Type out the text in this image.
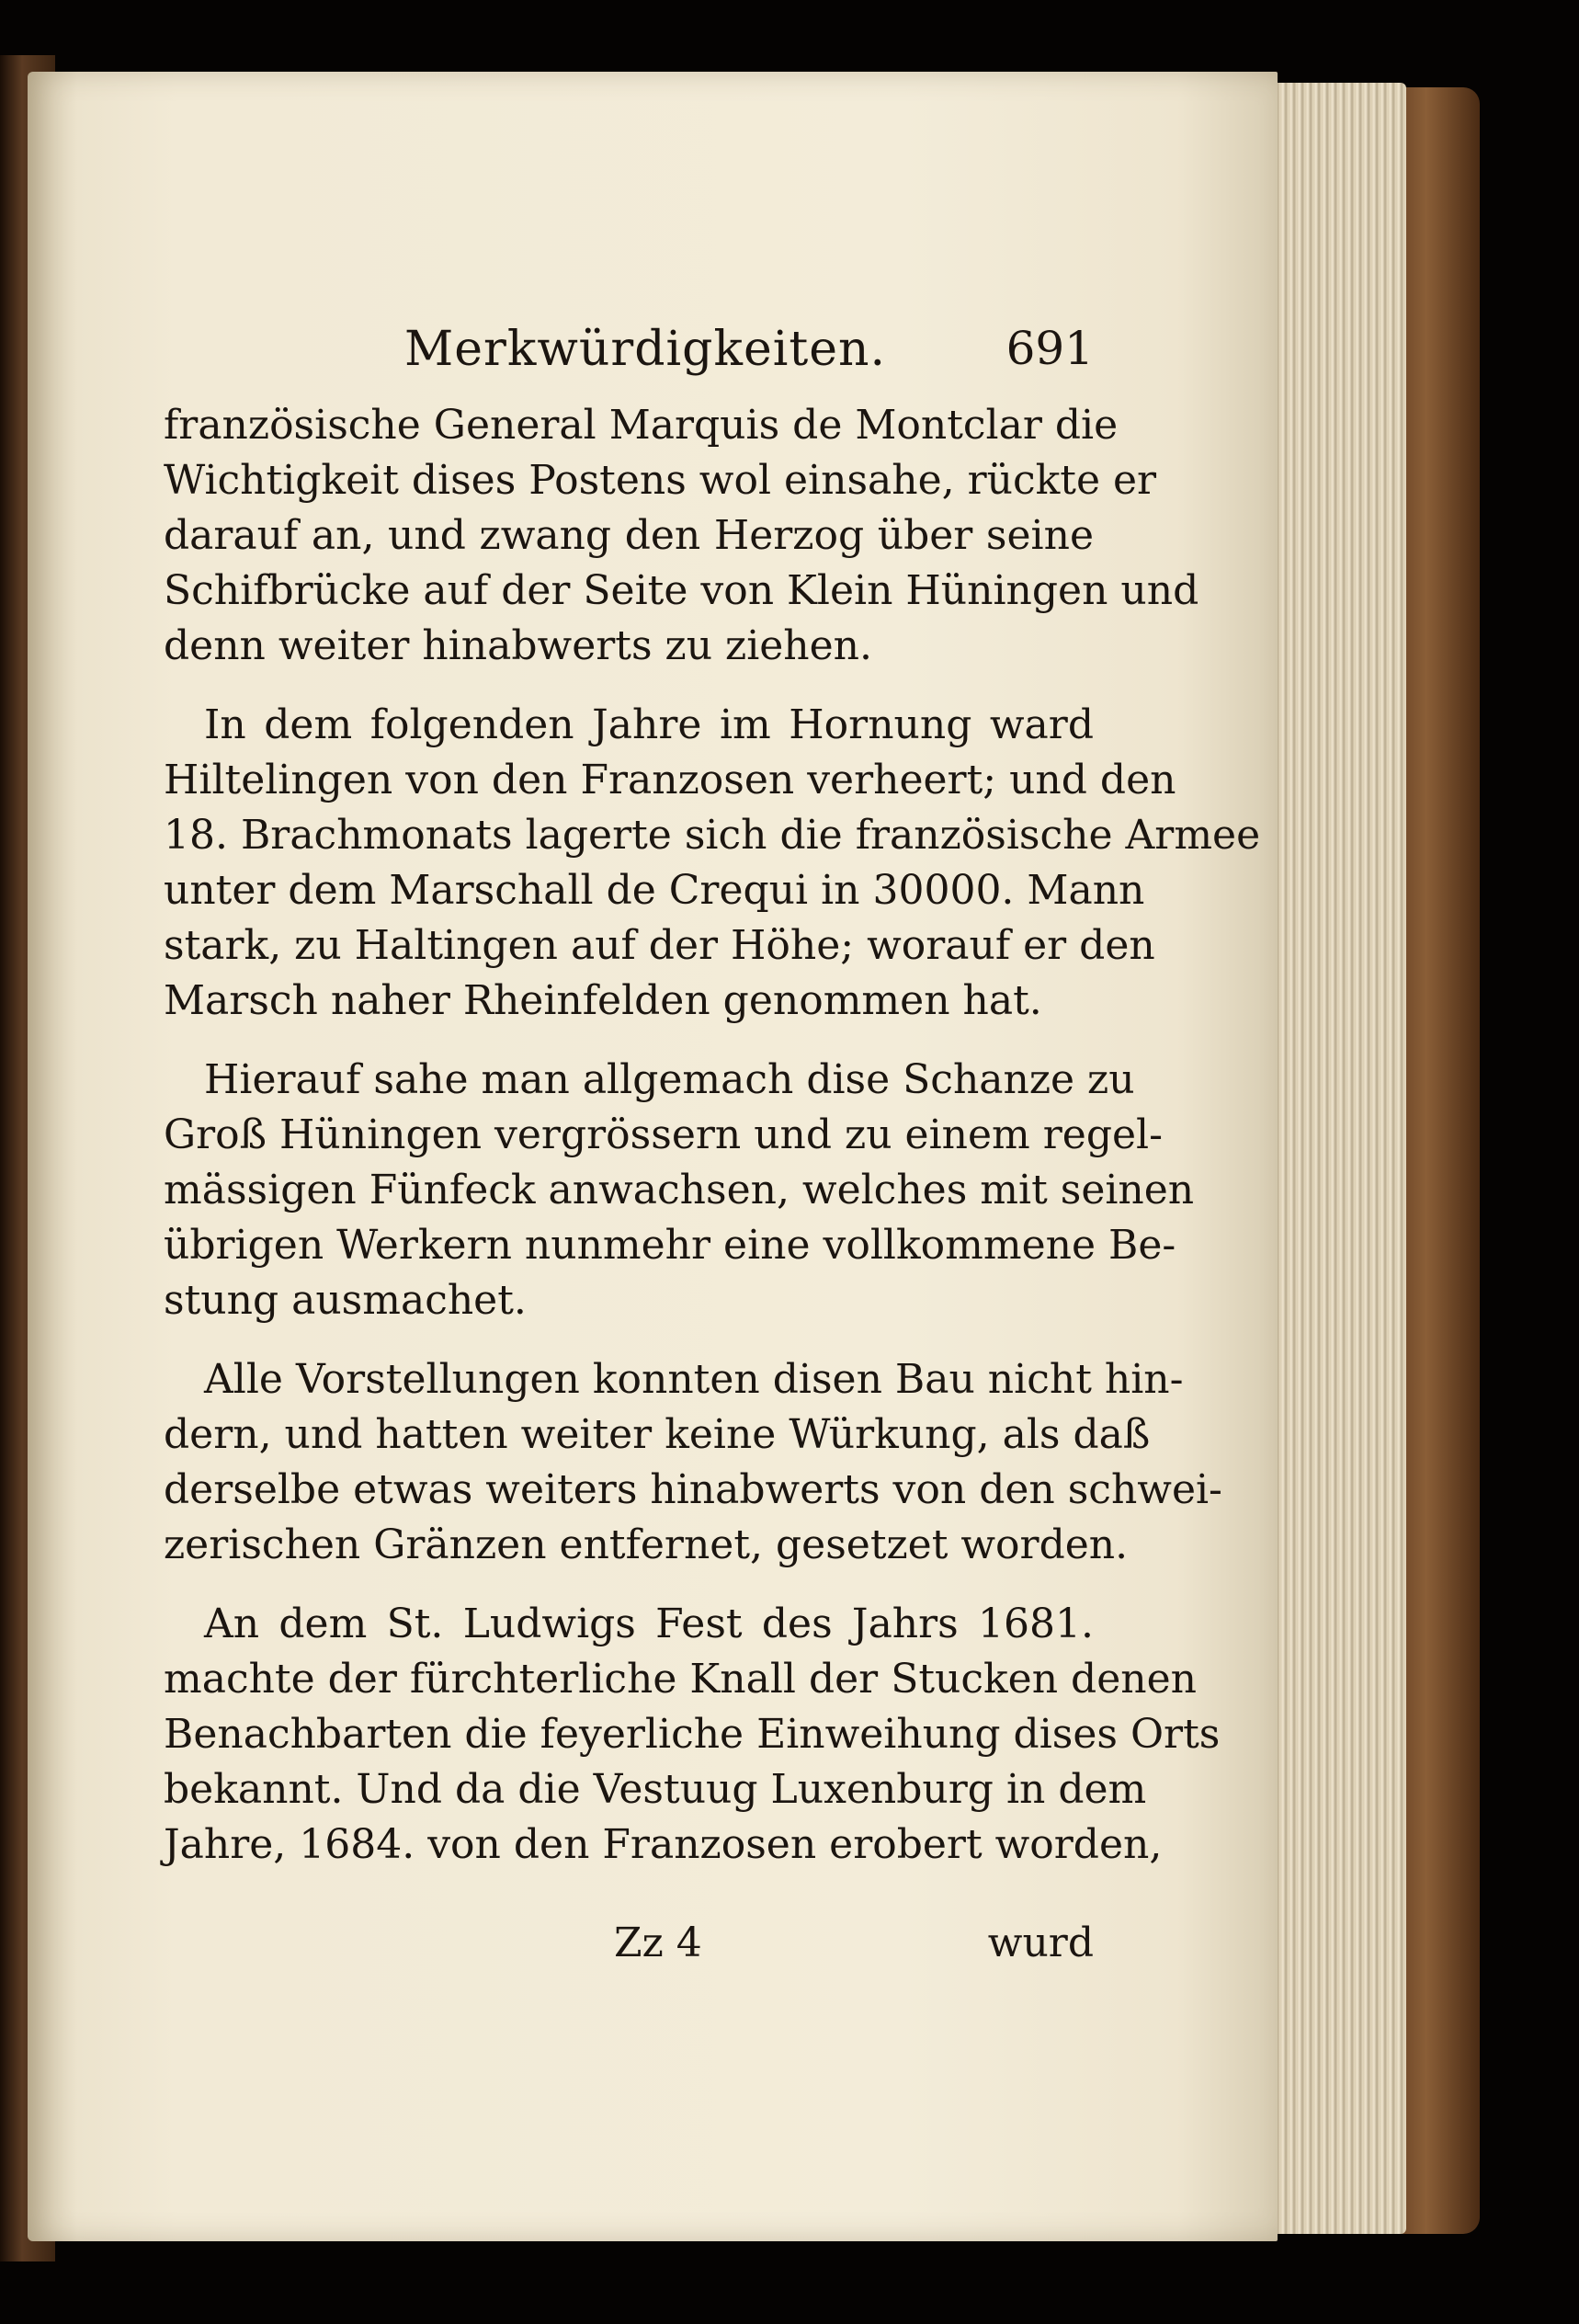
Merkwürdigkeiten.	691
französische General Marquis de Montclar die
Wichtigkeit dises Postens wol einsahe, rückte er
darauf an, und zwang den Herzog über seine
Schifbrücke auf der Seite von Klein Hüningen und
denn weiter hinabwerts zu ziehen.
In dem folgenden Jahre im Hornung ward
Hiltelingen von den Franzosen verheert; und den
18. Brachmonats lagerte sich die französische Armee
unter dem Marschall de Crequi in 30000. Mann
stark, zu Haltingen auf der Höhe; worauf er den
Marsch naher Rheinfelden genommen hat.
Hierauf sahe man allgemach dise Schanze zu
Groß Hüningen vergrössern und zu einem regel-
mässigen Fünfeck anwachsen, welches mit seinen
übrigen Werkern nunmehr eine vollkommene Be-
stung ausmachet.
Alle Vorstellungen konnten disen Bau nicht hin-
dern, und hatten weiter keine Würkung, als daß
derselbe etwas weiters hinabwerts von den schwei-
zerischen Gränzen entfernet, gesetzet worden.
An dem St. Ludwigs Fest des Jahrs 1681.
machte der fürchterliche Knall der Stucken denen
Benachbarten die feyerliche Einweihung dises Orts
bekannt. Und da die Vestuug Luxenburg in dem
Jahre, 1684. von den Franzosen erobert worden,
Zz 4	wurd
